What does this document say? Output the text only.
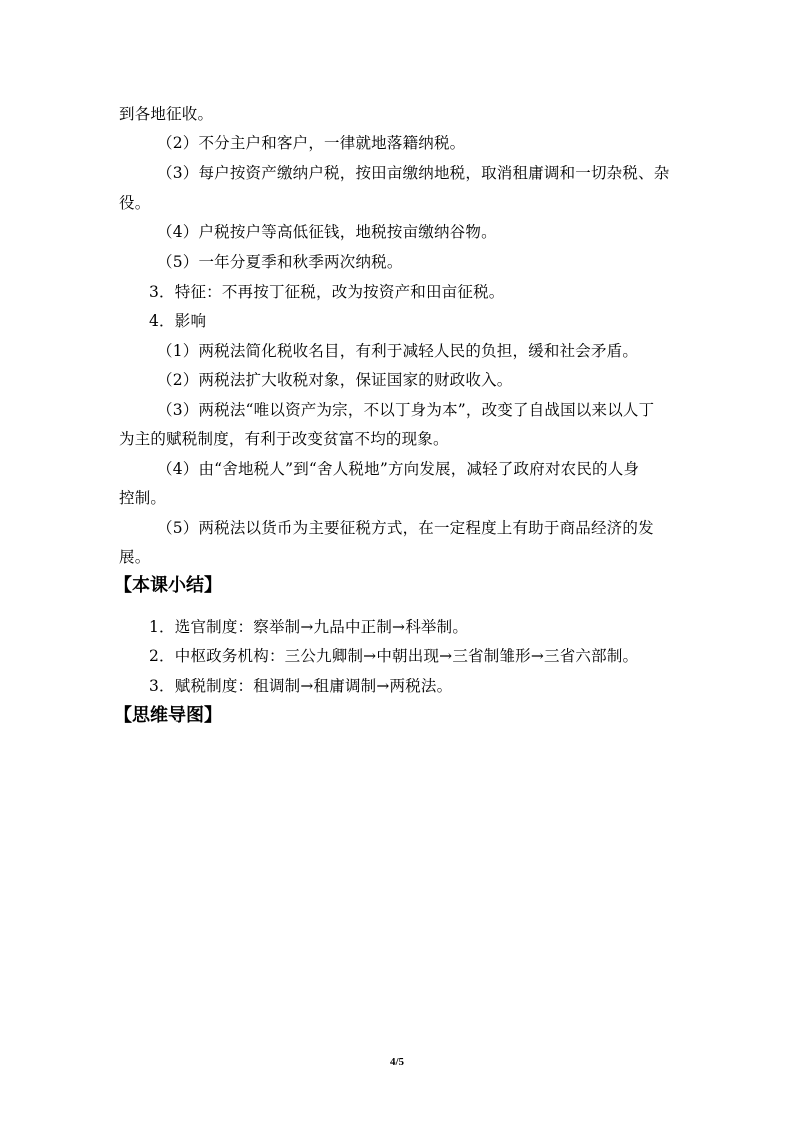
到各地征收。
（2）不分主户和客户，一律就地落籍纳税。
（3）每户按资产缴纳户税，按田亩缴纳地税，取消租庸调和一切杂税、杂
役。
（4）户税按户等高低征钱，地税按亩缴纳谷物。
（5）一年分夏季和秋季两次纳税。
3．特征：不再按丁征税，改为按资产和田亩征税。
4．影响
（1）两税法简化税收名目，有利于减轻人民的负担，缓和社会矛盾。
（2）两税法扩大收税对象，保证国家的财政收入。
（3）两税法“唯以资产为宗，不以丁身为本”，改变了自战国以来以人丁
为主的赋税制度，有利于改变贫富不均的现象。
（4）由“舍地税人”到“舍人税地”方向发展，减轻了政府对农民的人身
控制。
（5）两税法以货币为主要征税方式，在一定程度上有助于商品经济的发
展。
【本课小结】
1．选官制度：察举制→九品中正制→科举制。
2．中枢政务机构：三公九卿制→中朝出现→三省制雏形→三省六部制。
3．赋税制度：租调制→租庸调制→两税法。
【思维导图】
4/5
